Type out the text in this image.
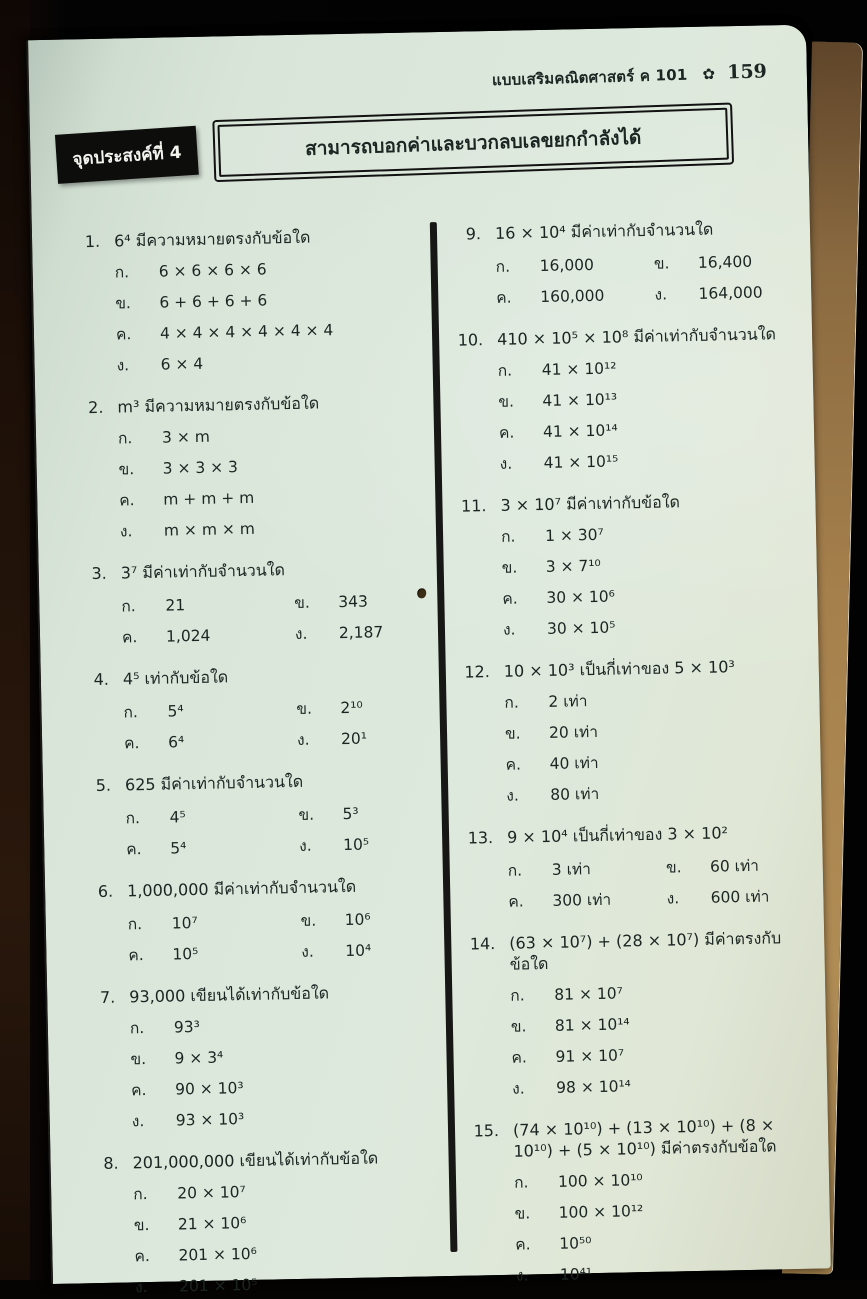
แบบเสริมคณิตศาสตร์ ค 101 ✿ 159
จุดประสงค์ที่ 4	สามารถบอกค่าและบวกลบเลขยกกำลังได้
1. 6⁴ มีความหมายตรงกับข้อใด
ก.	6 × 6 × 6 × 6
ข.	6 + 6 + 6 + 6
ค.	4 × 4 × 4 × 4 × 4 × 4
ง.	6 × 4
2. m³ มีความหมายตรงกับข้อใด
ก.	3 × m
ข.	3 × 3 × 3
ค.	m + m + m
ง.	m × m × m
3. 3⁷ มีค่าเท่ากับจำนวนใด
ก.	21	ข.	343
ค.	1,024	ง.	2,187
4. 4⁵ เท่ากับข้อใด
ก.	5⁴	ข.	2¹⁰
ค.	6⁴	ง.	20¹
5. 625 มีค่าเท่ากับจำนวนใด
ก.	4⁵	ข.	5³
ค.	5⁴	ง.	10⁵
6. 1,000,000 มีค่าเท่ากับจำนวนใด
ก.	10⁷	ข.	10⁶
ค.	10⁵	ง.	10⁴
7. 93,000 เขียนได้เท่ากับข้อใด
ก.	93³
ข.	9 × 3⁴
ค.	90 × 10³
ง.	93 × 10³
8. 201,000,000 เขียนได้เท่ากับข้อใด
ก.	20 × 10⁷
ข.	21 × 10⁶
ค.	201 × 10⁶
ง.	201 × 10⁵
9. 16 × 10⁴ มีค่าเท่ากับจำนวนใด
ก.	16,000	ข.	16,400
ค.	160,000	ง.	164,000
10. 410 × 10⁵ × 10⁸ มีค่าเท่ากับจำนวนใด
ก.	41 × 10¹²
ข.	41 × 10¹³
ค.	41 × 10¹⁴
ง.	41 × 10¹⁵
11. 3 × 10⁷ มีค่าเท่ากับข้อใด
ก.	1 × 30⁷
ข.	3 × 7¹⁰
ค.	30 × 10⁶
ง.	30 × 10⁵
12. 10 × 10³ เป็นกี่เท่าของ 5 × 10³
ก.	2 เท่า
ข.	20 เท่า
ค.	40 เท่า
ง.	80 เท่า
13. 9 × 10⁴ เป็นกี่เท่าของ 3 × 10²
ก.	3 เท่า	ข.	60 เท่า
ค.	300 เท่า	ง.	600 เท่า
14. (63 × 10⁷) + (28 × 10⁷) มีค่าตรงกับข้อใด
ก.	81 × 10⁷
ข.	81 × 10¹⁴
ค.	91 × 10⁷
ง.	98 × 10¹⁴
15. (74 × 10¹⁰) + (13 × 10¹⁰) + (8 × 10¹⁰) + (5 × 10¹⁰) มีค่าตรงกับข้อใด
ก.	100 × 10¹⁰
ข.	100 × 10¹²
ค.	10⁵⁰
ง.	10⁴¹
